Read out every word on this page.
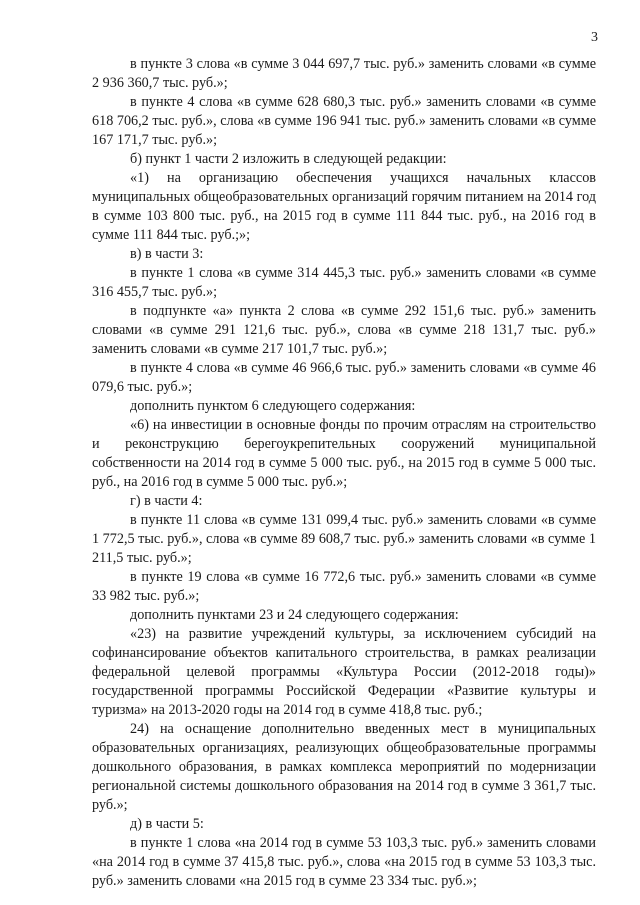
3

в пункте 3 слова «в сумме 3 044 697,7 тыс. руб.» заменить словами «в сумме 2 936 360,7 тыс. руб.»;

в пункте 4 слова «в сумме 628 680,3 тыс. руб.» заменить словами «в сумме 618 706,2 тыс. руб.», слова «в сумме 196 941 тыс. руб.» заменить словами «в сумме 167 171,7 тыс. руб.»;

б) пункт 1 части 2 изложить в следующей редакции:

«1) на организацию обеспечения учащихся начальных классов муниципальных общеобразовательных организаций горячим питанием на 2014 год в сумме 103 800 тыс. руб., на 2015 год в сумме 111 844 тыс. руб., на 2016 год в сумме 111 844 тыс. руб.;»;

в) в части 3:

в пункте 1 слова «в сумме 314 445,3 тыс. руб.» заменить словами «в сумме 316 455,7 тыс. руб.»;

в подпункте «а» пункта 2 слова «в сумме 292 151,6 тыс. руб.» заменить словами «в сумме 291 121,6 тыс. руб.», слова «в сумме 218 131,7 тыс. руб.» заменить словами «в сумме 217 101,7 тыс. руб.»;

в пункте 4 слова «в сумме 46 966,6 тыс. руб.» заменить словами «в сумме 46 079,6 тыс. руб.»;

дополнить пунктом 6 следующего содержания:

«6) на инвестиции в основные фонды по прочим отраслям на строительство и реконструкцию берегоукрепительных сооружений муниципальной собственности на 2014 год в сумме 5 000 тыс. руб., на 2015 год в сумме 5 000 тыс. руб., на 2016 год в сумме 5 000 тыс. руб.»;

г) в части 4:

в пункте 11 слова «в сумме 131 099,4 тыс. руб.» заменить словами «в сумме 1 772,5 тыс. руб.», слова «в сумме 89 608,7 тыс. руб.» заменить словами «в сумме 1 211,5 тыс. руб.»;

в пункте 19 слова «в сумме 16 772,6 тыс. руб.» заменить словами «в сумме 33 982 тыс. руб.»;

дополнить пунктами 23 и 24 следующего содержания:

«23) на развитие учреждений культуры, за исключением субсидий на софинансирование объектов капитального строительства, в рамках реализации федеральной целевой программы «Культура России (2012-2018 годы)» государственной программы Российской Федерации «Развитие культуры и туризма» на 2013-2020 годы на 2014 год в сумме 418,8 тыс. руб.;

24) на оснащение дополнительно введенных мест в муниципальных образовательных организациях, реализующих общеобразовательные программы дошкольного образования, в рамках комплекса мероприятий по модернизации региональной системы дошкольного образования на 2014 год в сумме 3 361,7 тыс. руб.»;

д) в части 5:

в пункте 1 слова «на 2014 год в сумме 53 103,3 тыс. руб.» заменить словами «на 2014 год в сумме 37 415,8 тыс. руб.», слова «на 2015 год в сумме 53 103,3 тыс. руб.» заменить словами «на 2015 год в сумме 23 334 тыс. руб.»;
